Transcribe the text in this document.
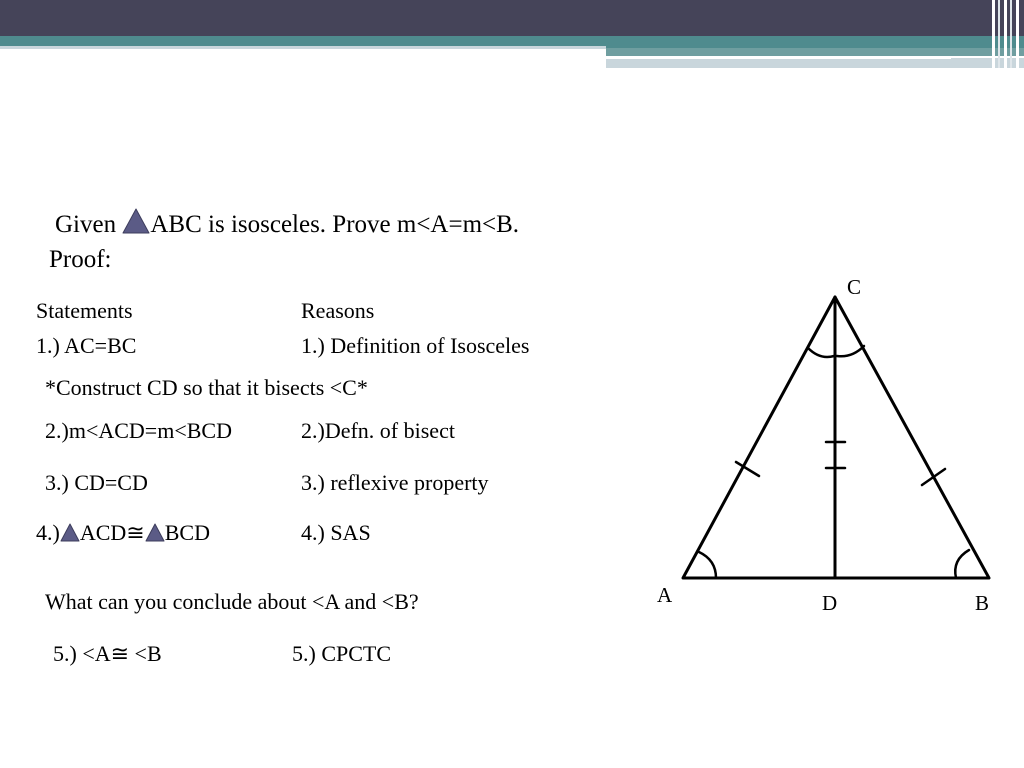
Given ABC is isosceles. Prove m<A=m<B.
Proof:
Statements	Reasons
1.) AC=BC	1.) Definition of Isosceles
*Construct CD so that it bisects <C*
2.)m<ACD=m<BCD	2.)Defn. of bisect
3.) CD=CD	3.) reflexive property
4.) ACD≅ BCD	4.) SAS
What can you conclude about <A and <B?
5.) <A≅ <B	5.) CPCTC
C
A	D	B
